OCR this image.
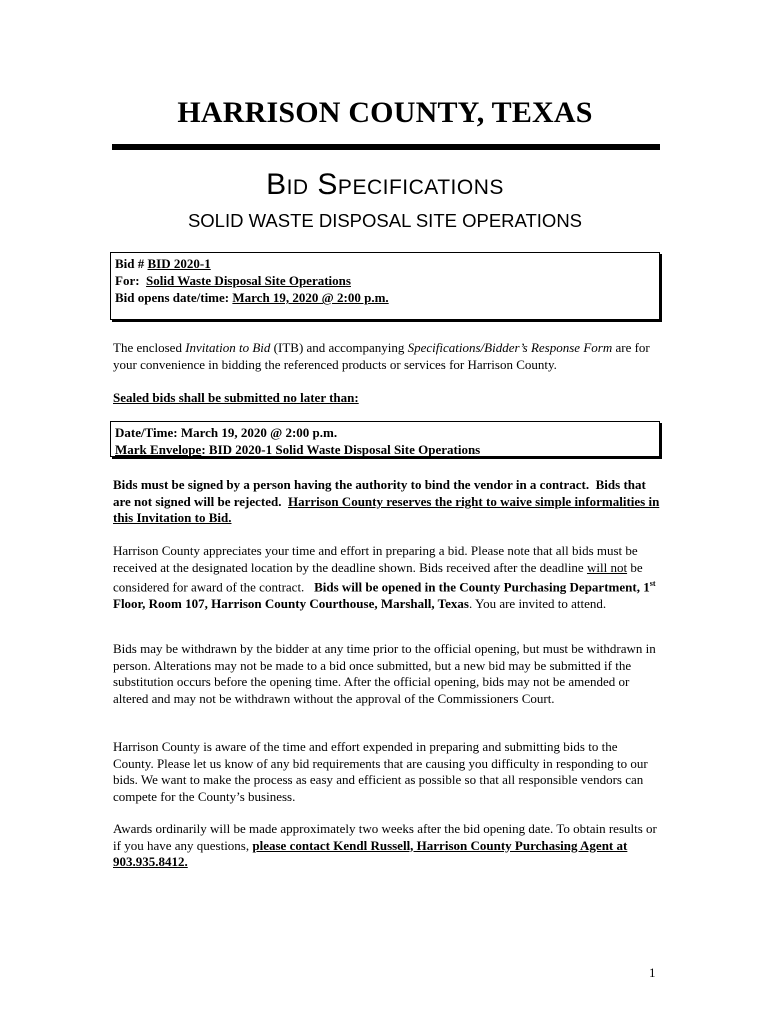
HARRISON COUNTY, TEXAS
Bid Specifications
SOLID WASTE DISPOSAL SITE OPERATIONS
Bid # BID 2020-1
For:  Solid Waste Disposal Site Operations
Bid opens date/time: March 19, 2020 @ 2:00 p.m.
The enclosed Invitation to Bid (ITB) and accompanying Specifications/Bidder’s Response Form are for your convenience in bidding the referenced products or services for Harrison County.
Sealed bids shall be submitted no later than:
Date/Time: March 19, 2020 @ 2:00 p.m.
Mark Envelope: BID 2020-1 Solid Waste Disposal Site Operations
Bids must be signed by a person having the authority to bind the vendor in a contract.  Bids that are not signed will be rejected.  Harrison County reserves the right to waive simple informalities in this Invitation to Bid.
Harrison County appreciates your time and effort in preparing a bid. Please note that all bids must be received at the designated location by the deadline shown. Bids received after the deadline will not be considered for award of the contract.   Bids will be opened in the County Purchasing Department, 1st Floor, Room 107, Harrison County Courthouse, Marshall, Texas. You are invited to attend.
Bids may be withdrawn by the bidder at any time prior to the official opening, but must be withdrawn in person. Alterations may not be made to a bid once submitted, but a new bid may be submitted if the substitution occurs before the opening time. After the official opening, bids may not be amended or altered and may not be withdrawn without the approval of the Commissioners Court.
Harrison County is aware of the time and effort expended in preparing and submitting bids to the County. Please let us know of any bid requirements that are causing you difficulty in responding to our bids. We want to make the process as easy and efficient as possible so that all responsible vendors can compete for the County’s business.
Awards ordinarily will be made approximately two weeks after the bid opening date. To obtain results or if you have any questions, please contact Kendl Russell, Harrison County Purchasing Agent at 903.935.8412.
1
